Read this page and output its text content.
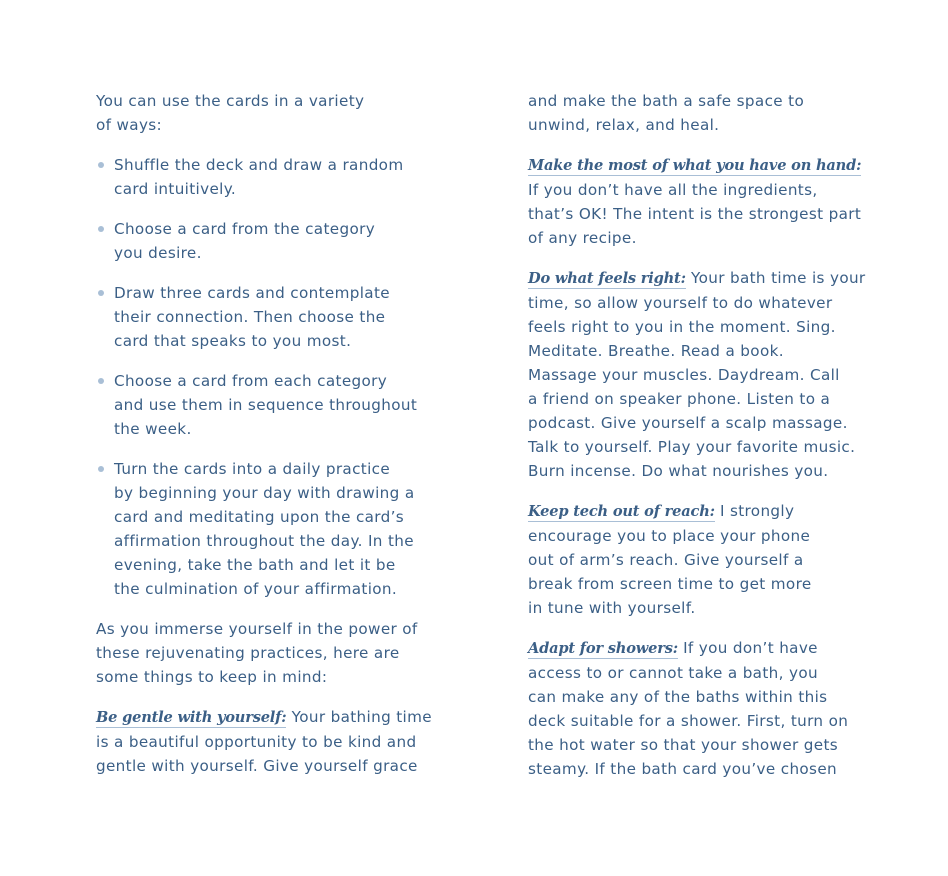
You can use the cards in a variety
of ways:
Shuffle the deck and draw a random
card intuitively.
Choose a card from the category
you desire.
Draw three cards and contemplate
their connection. Then choose the
card that speaks to you most.
Choose a card from each category
and use them in sequence throughout
the week.
Turn the cards into a daily practice
by beginning your day with drawing a
card and meditating upon the card’s
affirmation throughout the day. In the
evening, take the bath and let it be
the culmination of your affirmation.
As you immerse yourself in the power of
these rejuvenating practices, here are
some things to keep in mind:
Be gentle with yourself: Your bathing time
is a beautiful opportunity to be kind and
gentle with yourself. Give yourself grace
and make the bath a safe space to
unwind, relax, and heal.
Make the most of what you have on hand:
If you don’t have all the ingredients,
that’s OK! The intent is the strongest part
of any recipe.
Do what feels right: Your bath time is your
time, so allow yourself to do whatever
feels right to you in the moment. Sing.
Meditate. Breathe. Read a book.
Massage your muscles. Daydream. Call
a friend on speaker phone. Listen to a
podcast. Give yourself a scalp massage.
Talk to yourself. Play your favorite music.
Burn incense. Do what nourishes you.
Keep tech out of reach: I strongly
encourage you to place your phone
out of arm’s reach. Give yourself a
break from screen time to get more
in tune with yourself.
Adapt for showers: If you don’t have
access to or cannot take a bath, you
can make any of the baths within this
deck suitable for a shower. First, turn on
the hot water so that your shower gets
steamy. If the bath card you’ve chosen
